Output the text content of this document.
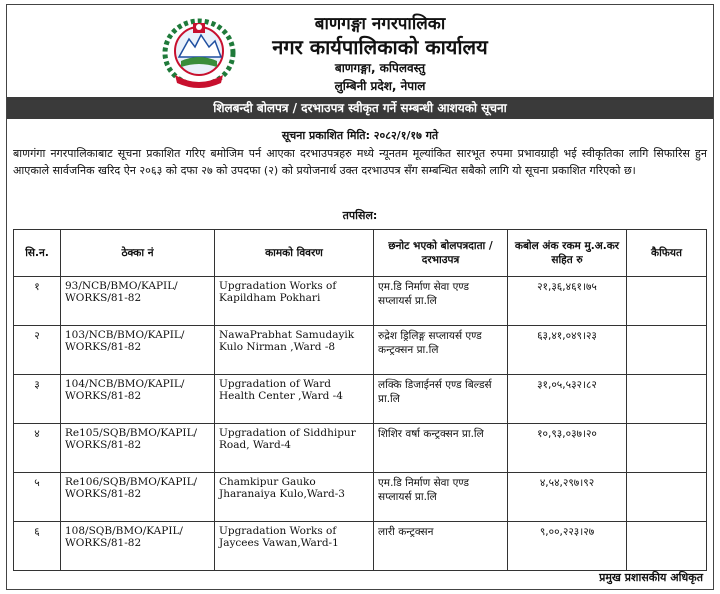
बाणगङ्गा नगरपालिका
नगर कार्यपालिकाको कार्यालय
बाणगङ्गा, कपिलवस्तु
लुम्बिनी प्रदेश, नेपाल
शिलबन्दी बोलपत्र / दरभाउपत्र स्वीकृत गर्ने सम्बन्धी आशयको सूचना
सूचना प्रकाशित मिति: २०८२/१/१७ गते
बाणगंगा नगरपालिकाबाट सूचना प्रकाशित गरिए बमोजिम पर्न आएका दरभाउपत्रहरु मध्ये न्यूनतम मूल्यांकित सारभूत रुपमा प्रभावग्राही भई स्वीकृतिका लागि सिफारिस हुन आएकाले सार्वजनिक खरिद ऐन २०६३ को दफा २७ को उपदफा (२) को प्रयोजनार्थ उक्त दरभाउपत्र सँग सम्बन्धित सबैको लागि यो सूचना प्रकाशित गरिएको छ।
तपसिल:
सि.न.	ठेक्का नं	कामको विवरण	छनोट भएको बोलपत्रदाता / दरभाउपत्र	कबोल अंक रकम मु.अ.कर सहित रु	कैफियत
१	93/NCB/BMO/KAPIL/ WORKS/81-82	Upgradation Works of Kapildham Pokhari	एम.डि निर्माण सेवा एण्ड सप्लायर्स प्रा.लि	२१,३६,४६१।७५	
२	103/NCB/BMO/KAPIL/ WORKS/81-82	NawaPrabhat Samudayik Kulo Nirman ,Ward -8	रुद्रेश ड्रिलिङ्ग सप्लायर्स एण्ड कन्ट्रक्सन प्रा.लि	६३,४१,०४९।२३	
३	104/NCB/BMO/KAPIL/ WORKS/81-82	Upgradation of Ward Health Center ,Ward -4	लक्कि डिजाईनर्स एण्ड बिल्डर्स प्रा.लि	३१,०५,५३२।८२	
४	Re105/SQB/BMO/KAPIL/ WORKS/81-82	Upgradation of Siddhipur Road, Ward-4	शिशिर वर्षा कन्ट्रक्सन प्रा.लि	१०,९३,०३७।२०	
५	Re106/SQB/BMO/KAPIL/ WORKS/81-82	Chamkipur Gauko Jharanaiya Kulo,Ward-3	एम.डि निर्माण सेवा एण्ड सप्लायर्स प्रा.लि	४,५४,२९७।९२	
६	108/SQB/BMO/KAPIL/ WORKS/81-82	Upgradation Works of Jaycees Vawan,Ward-1	लारी कन्ट्रक्सन	९,००,२२३।२७	
प्रमुख प्रशासकीय अधिकृत
